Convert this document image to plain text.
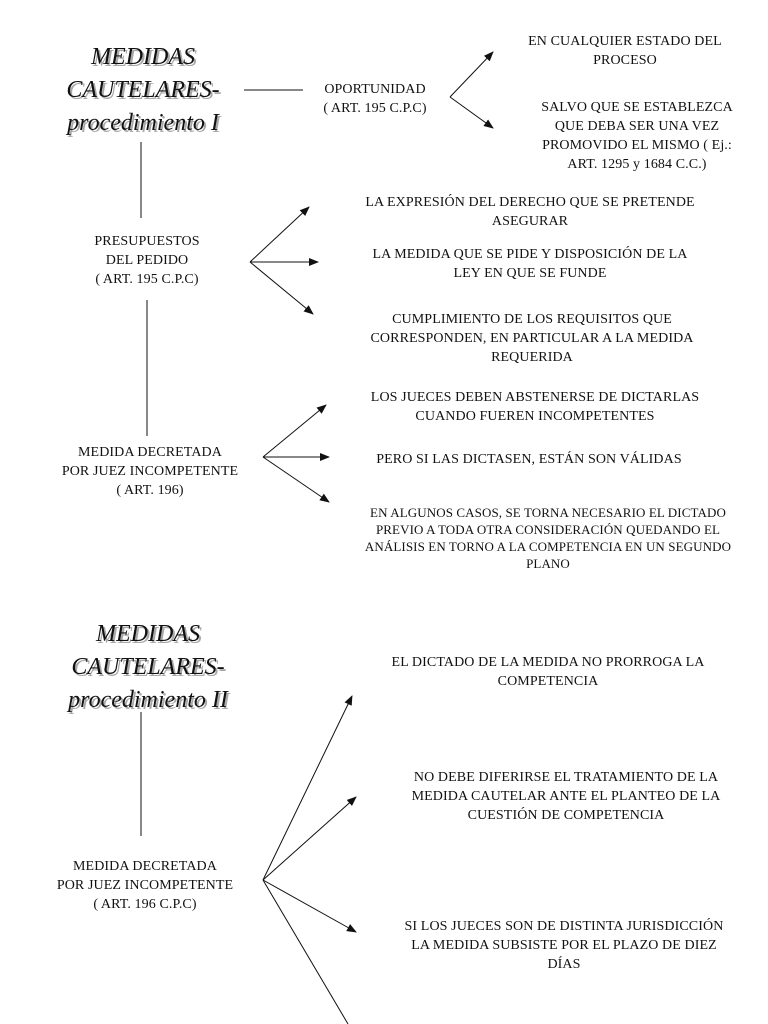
MEDIDAS
CAUTELARES-
procedimiento I
OPORTUNIDAD
( ART. 195 C.P.C)
EN CUALQUIER ESTADO DEL
PROCESO
SALVO QUE SE ESTABLEZCA
QUE DEBA SER UNA VEZ
PROMOVIDO EL MISMO ( Ej.:
ART. 1295 y 1684 C.C.)
PRESUPUESTOS
DEL PEDIDO
( ART. 195 C.P.C)
LA EXPRESIÓN DEL DERECHO QUE SE PRETENDE
ASEGURAR
LA MEDIDA QUE SE PIDE Y DISPOSICIÓN DE LA
LEY EN QUE SE FUNDE
CUMPLIMIENTO DE LOS REQUISITOS QUE
CORRESPONDEN, EN PARTICULAR A LA MEDIDA
REQUERIDA
MEDIDA DECRETADA
POR JUEZ INCOMPETENTE
( ART. 196)
LOS JUECES DEBEN ABSTENERSE DE DICTARLAS
CUANDO FUEREN INCOMPETENTES
PERO SI LAS DICTASEN, ESTÁN SON VÁLIDAS
EN ALGUNOS CASOS, SE TORNA NECESARIO EL DICTADO
PREVIO A TODA OTRA CONSIDERACIÓN QUEDANDO EL
ANÁLISIS EN TORNO A LA COMPETENCIA EN UN SEGUNDO
PLANO
MEDIDAS
CAUTELARES-
procedimiento II
MEDIDA DECRETADA
POR JUEZ INCOMPETENTE
( ART. 196 C.P.C)
EL DICTADO DE LA MEDIDA NO PRORROGA LA
COMPETENCIA
NO DEBE DIFERIRSE EL TRATAMIENTO DE LA
MEDIDA CAUTELAR ANTE EL PLANTEO DE LA
CUESTIÓN DE COMPETENCIA
SI LOS JUECES SON DE DISTINTA JURISDICCIÓN
LA MEDIDA SUBSISTE POR EL PLAZO DE DIEZ
DÍAS
